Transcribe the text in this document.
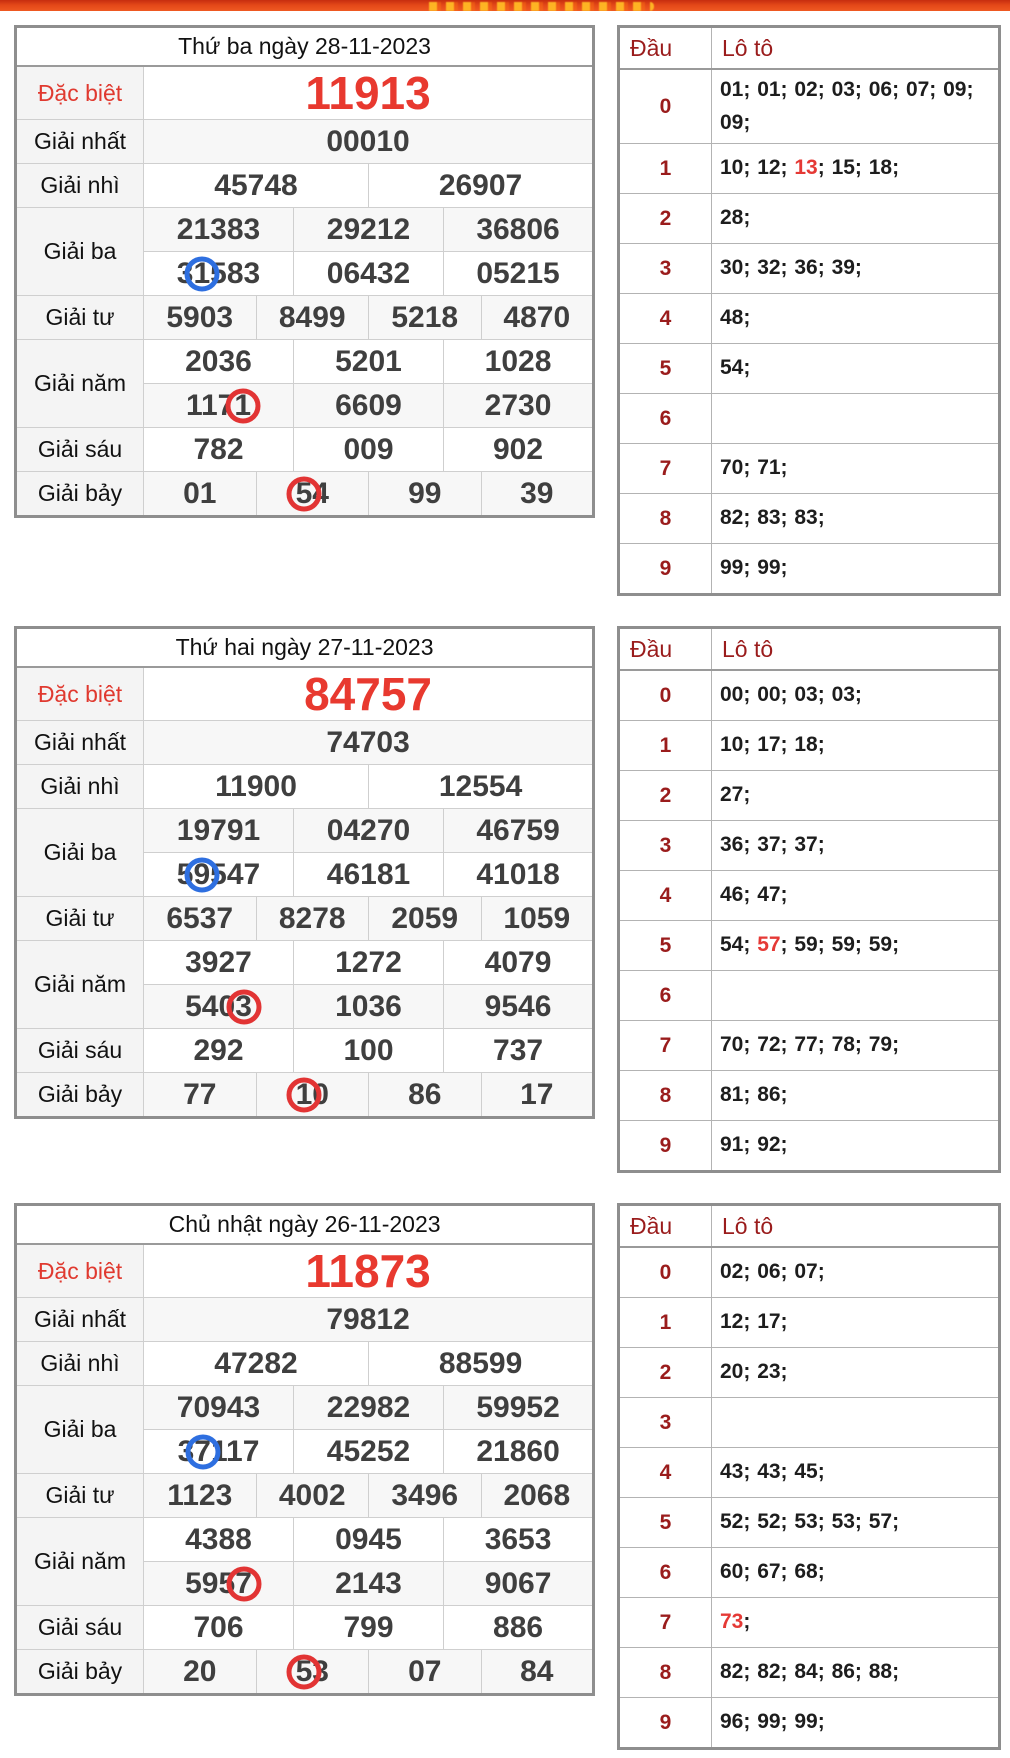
Thứ ba ngày 28-11-2023						
Đặc biệt	11913					
Giải nhất	00010					
Giải nhì	45748			26907		
Giải ba	21383		29212		36806	
	31583		06432		05215	
Giải tư	5903	8499		5218		4870
Giải năm	2036		5201		1028	
	1171		6609		2730	
Giải sáu	782		009		902	
Giải bảy	01	54		99		39
Đầu	Lô tô
0	01; 01; 02; 03; 06; 07; 09; 09;
1	10; 12; 13; 15; 18;
2	28;
3	30; 32; 36; 39;
4	48;
5	54;
6	
7	70; 71;
8	82; 83; 83;
9	99; 99;
Thứ hai ngày 27-11-2023						
Đặc biệt	84757					
Giải nhất	74703					
Giải nhì	11900			12554		
Giải ba	19791		04270		46759	
	59547		46181		41018	
Giải tư	6537	8278		2059		1059
Giải năm	3927		1272		4079	
	5403		1036		9546	
Giải sáu	292		100		737	
Giải bảy	77	10		86		17
Đầu	Lô tô
0	00; 00; 03; 03;
1	10; 17; 18;
2	27;
3	36; 37; 37;
4	46; 47;
5	54; 57; 59; 59; 59;
6	
7	70; 72; 77; 78; 79;
8	81; 86;
9	91; 92;
Chủ nhật ngày 26-11-2023						
Đặc biệt	11873					
Giải nhất	79812					
Giải nhì	47282			88599		
Giải ba	70943		22982		59952	
	37117		45252		21860	
Giải tư	1123	4002		3496		2068
Giải năm	4388		0945		3653	
	5957		2143		9067	
Giải sáu	706		799		886	
Giải bảy	20	53		07		84
Đầu	Lô tô
0	02; 06; 07;
1	12; 17;
2	20; 23;
3	
4	43; 43; 45;
5	52; 52; 53; 53; 57;
6	60; 67; 68;
7	73;
8	82; 82; 84; 86; 88;
9	96; 99; 99;
